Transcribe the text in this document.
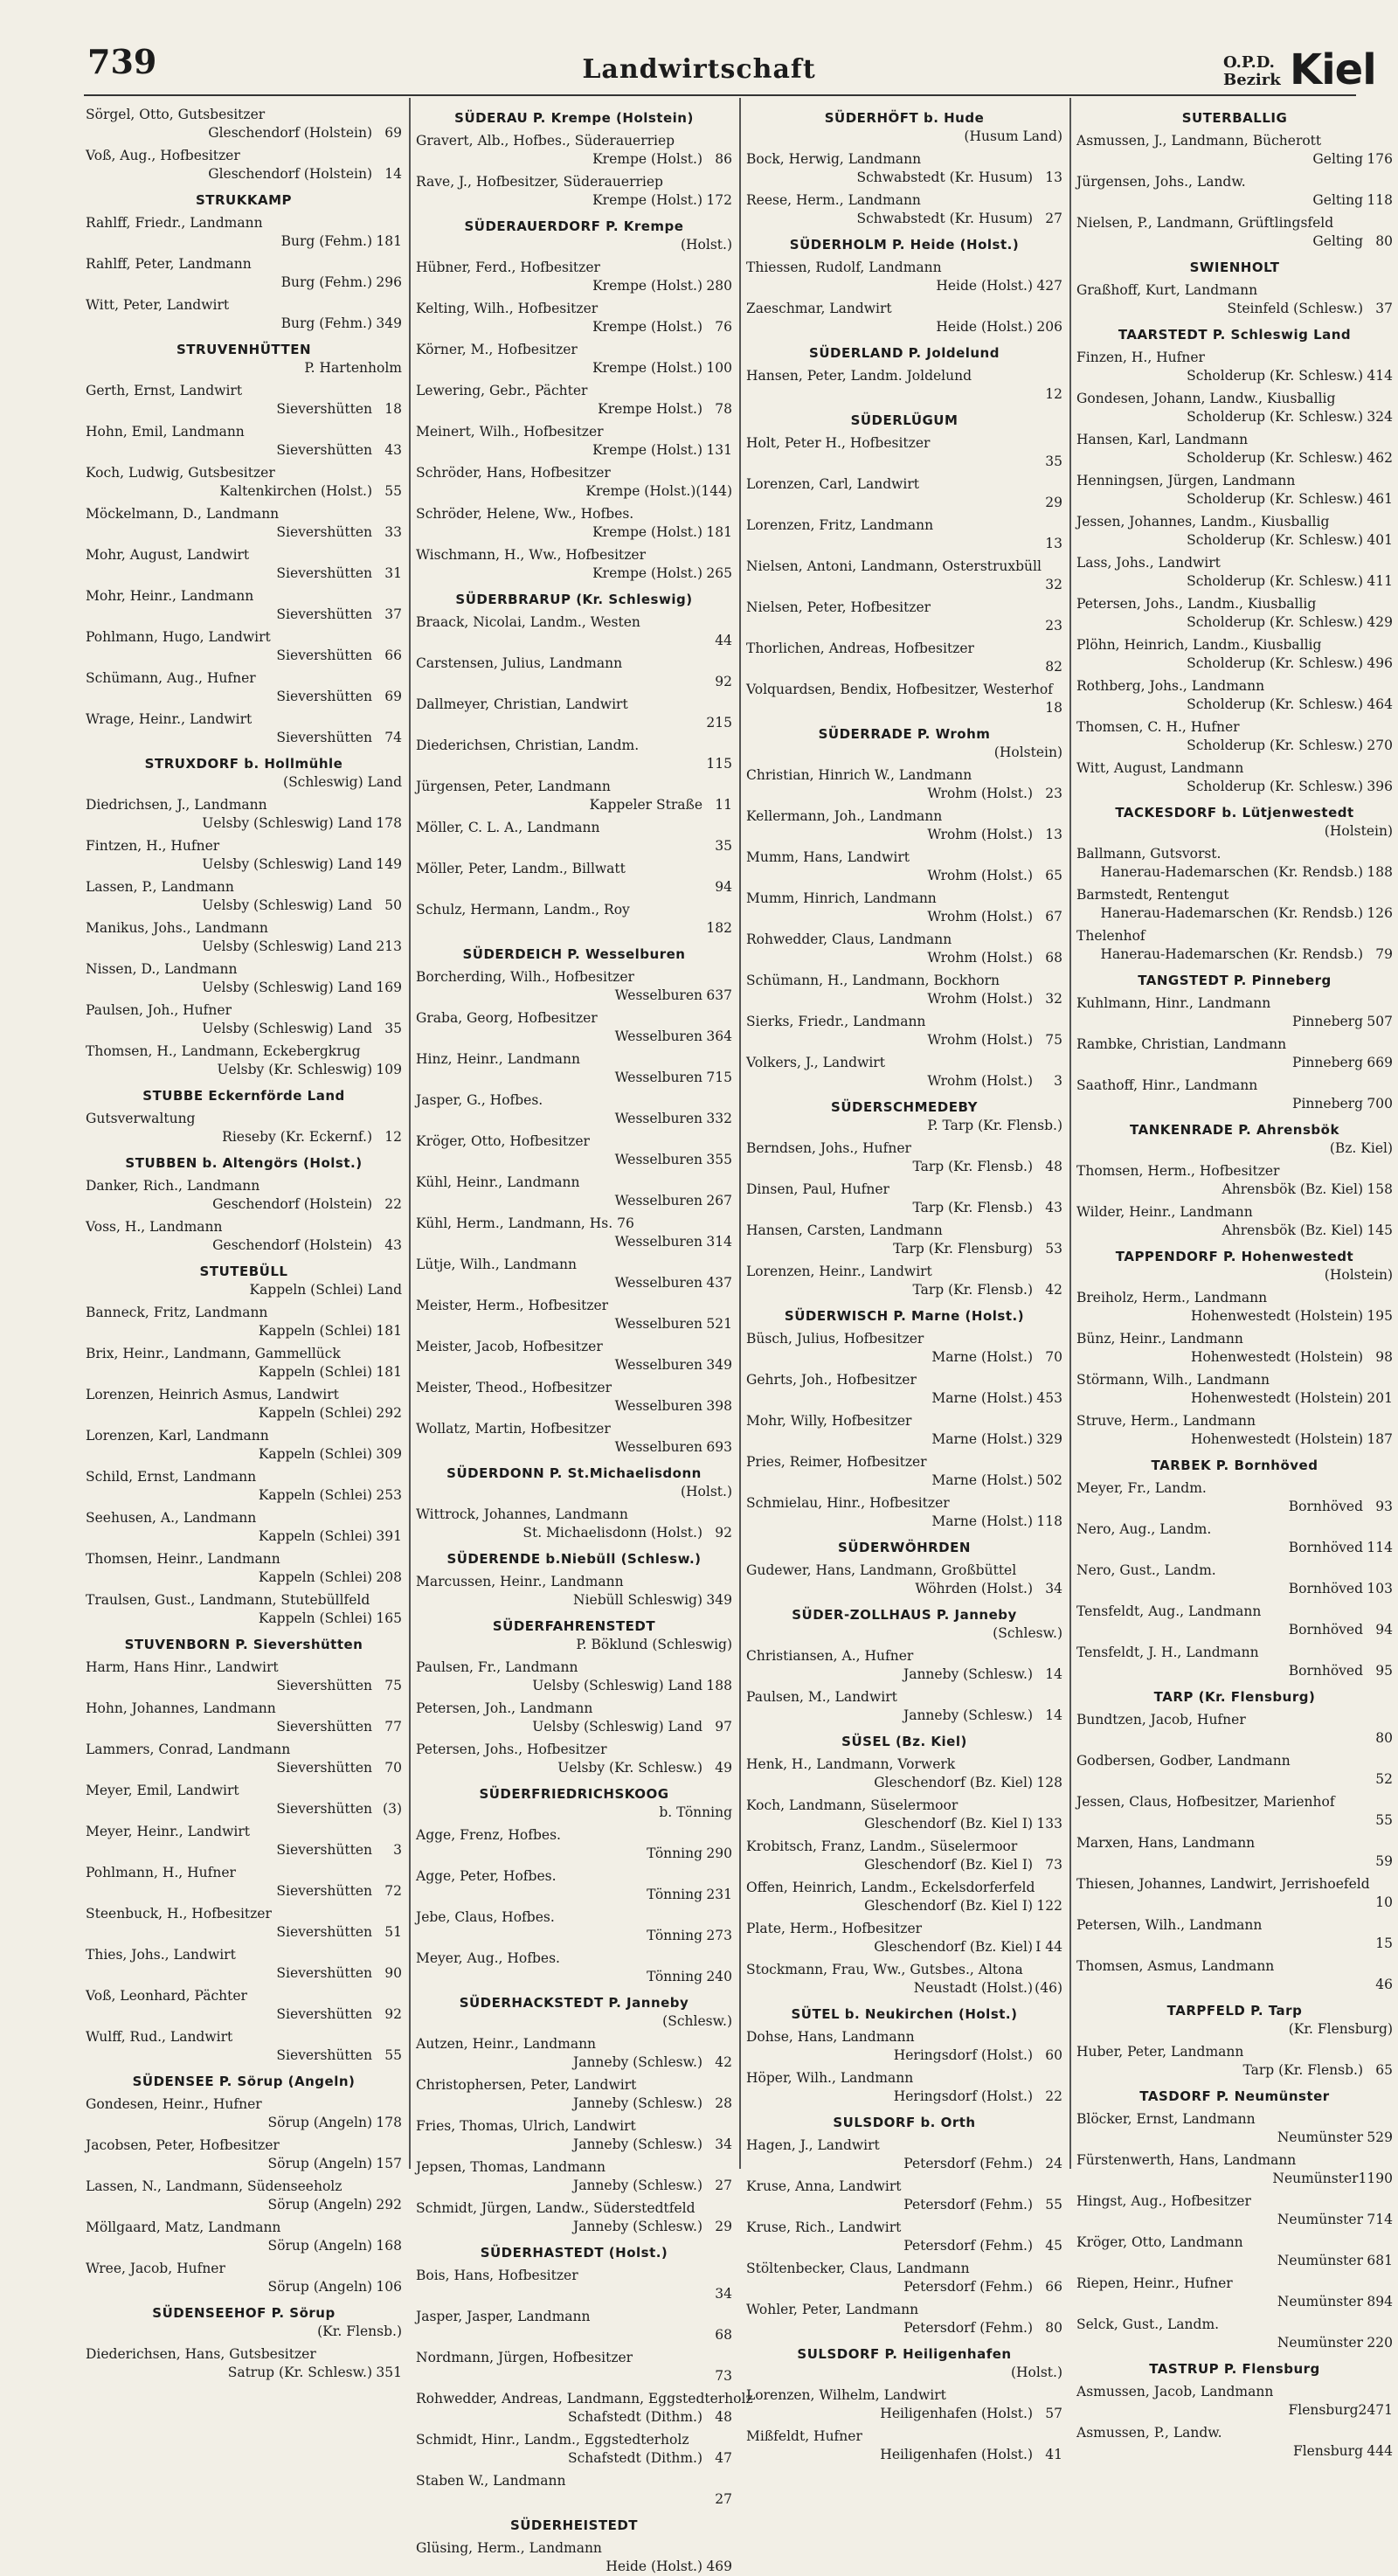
739	Landwirtschaft	O.P.D.
Bezirk Kiel
Sörgel, Otto, Gutsbesitzer
Gleschendorf (Holstein) 69
Voß, Aug., Hofbesitzer
Gleschendorf (Holstein) 14
STRUKKAMP
Rahlff, Friedr., Landmann
Burg (Fehm.) 181
Rahlff, Peter, Landmann
Burg (Fehm.) 296
Witt, Peter, Landwirt
Burg (Fehm.) 349
STRUVENHÜTTEN
P. Hartenholm
Gerth, Ernst, Landwirt
Sievershütten 18
Hohn, Emil, Landmann
Sievershütten 43
Koch, Ludwig, Gutsbesitzer
Kaltenkirchen (Holst.) 55
Möckelmann, D., Landmann
Sievershütten 33
Mohr, August, Landwirt
Sievershütten 31
Mohr, Heinr., Landmann
Sievershütten 37
Pohlmann, Hugo, Landwirt
Sievershütten 66
Schümann, Aug., Hufner
Sievershütten 69
Wrage, Heinr., Landwirt
Sievershütten 74
STRUXDORF b. Hollmühle
(Schleswig) Land
Diedrichsen, J., Landmann
Uelsby (Schleswig) Land 178
Fintzen, H., Hufner
Uelsby (Schleswig) Land 149
Lassen, P., Landmann
Uelsby (Schleswig) Land 50
Manikus, Johs., Landmann
Uelsby (Schleswig) Land 213
Nissen, D., Landmann
Uelsby (Schleswig) Land 169
Paulsen, Joh., Hufner
Uelsby (Schleswig) Land 35
Thomsen, H., Landmann, Eckebergkrug
Uelsby (Kr. Schleswig) 109
STUBBE Eckernförde Land
Gutsverwaltung
Rieseby (Kr. Eckernf.) 12
STUBBEN b. Altengörs (Holst.)
Danker, Rich., Landmann
Geschendorf (Holstein) 22
Voss, H., Landmann
Geschendorf (Holstein) 43
STUTEBÜLL
Kappeln (Schlei) Land
Banneck, Fritz, Landmann
Kappeln (Schlei) 181
Brix, Heinr., Landmann, Gammellück
Kappeln (Schlei) 181
Lorenzen, Heinrich Asmus, Landwirt
Kappeln (Schlei) 292
Lorenzen, Karl, Landmann
Kappeln (Schlei) 309
Schild, Ernst, Landmann
Kappeln (Schlei) 253
Seehusen, A., Landmann
Kappeln (Schlei) 391
Thomsen, Heinr., Landmann
Kappeln (Schlei) 208
Traulsen, Gust., Landmann, Stutebüllfeld
Kappeln (Schlei) 165
STUVENBORN P. Sievershütten
Harm, Hans Hinr., Landwirt
Sievershütten 75
Hohn, Johannes, Landmann
Sievershütten 77
Lammers, Conrad, Landmann
Sievershütten 70
Meyer, Emil, Landwirt
Sievershütten (3)
Meyer, Heinr., Landwirt
Sievershütten	3
Pohlmann, H., Hufner
Sievershütten 72
Steenbuck, H., Hofbesitzer
Sievershütten 51
Thies, Johs., Landwirt
Sievershütten 90
Voß, Leonhard, Pächter
Sievershütten 92
Wulff, Rud., Landwirt
Sievershütten 55
SÜDENSEE P. Sörup (Angeln)
Gondesen, Heinr., Hufner
Sörup (Angeln) 178
Jacobsen, Peter, Hofbesitzer
Sörup (Angeln) 157
Lassen, N., Landmann, Südenseeholz
Sörup (Angeln) 292
Möllgaard, Matz, Landmann
Sörup (Angeln) 168
Wree, Jacob, Hufner
Sörup (Angeln) 106
SÜDENSEEHOF P. Sörup
(Kr. Flensb.)
Diederichsen, Hans, Gutsbesitzer
Satrup (Kr. Schlesw.) 351
SÜDERAU P. Krempe (Holstein)
Gravert, Alb., Hofbes., Süderauerriep
Krempe (Holst.) 86
Rave, J., Hofbesitzer, Süderauerriep
Krempe (Holst.) 172
SÜDERAUERDORF P. Krempe
(Holst.)
Hübner, Ferd., Hofbesitzer
Krempe (Holst.) 280
Kelting, Wilh., Hofbesitzer
Krempe (Holst.) 76
Körner, M., Hofbesitzer
Krempe (Holst.) 100
Lewering, Gebr., Pächter
Krempe Holst.) 78
Meinert, Wilh., Hofbesitzer
Krempe (Holst.) 131
Schröder, Hans, Hofbesitzer
Krempe (Holst.) (144)
Schröder, Helene, Ww., Hofbes.
Krempe (Holst.) 181
Wischmann, H., Ww., Hofbesitzer
Krempe (Holst.) 265
SÜDERBRARUP (Kr. Schleswig)
Braack, Nicolai, Landm., Westen
44
Carstensen, Julius, Landmann
92
Dallmeyer, Christian, Landwirt
215
Diederichsen, Christian, Landm.
115
Jürgensen, Peter, Landmann
Kappeler Straße 11
Möller, C. L. A., Landmann
35
Möller, Peter, Landm., Billwatt
94
Schulz, Hermann, Landm., Roy
182
SÜDERDEICH P. Wesselburen
Borcherding, Wilh., Hofbesitzer
Wesselburen 637
Graba, Georg, Hofbesitzer
Wesselburen 364
Hinz, Heinr., Landmann
Wesselburen 715
Jasper, G., Hofbes.
Wesselburen 332
Kröger, Otto, Hofbesitzer
Wesselburen 355
Kühl, Heinr., Landmann
Wesselburen 267
Kühl, Herm., Landmann, Hs. 76
Wesselburen 314
Lütje, Wilh., Landmann
Wesselburen 437
Meister, Herm., Hofbesitzer
Wesselburen 521
Meister, Jacob, Hofbesitzer
Wesselburen 349
Meister, Theod., Hofbesitzer
Wesselburen 398
Wollatz, Martin, Hofbesitzer
Wesselburen 693
SÜDERDONN P. St.Michaelisdonn
(Holst.)
Wittrock, Johannes, Landmann
St. Michaelisdonn (Holst.) 92
SÜDERENDE b.Niebüll (Schlesw.)
Marcussen, Heinr., Landmann
Niebüll Schleswig) 349
SÜDERFAHRENSTEDT
P. Böklund (Schleswig)
Paulsen, Fr., Landmann
Uelsby (Schleswig) Land 188
Petersen, Joh., Landmann
Uelsby (Schleswig) Land 97
Petersen, Johs., Hofbesitzer
Uelsby (Kr. Schlesw.) 49
SÜDERFRIEDRICHSKOOG
b. Tönning
Agge, Frenz, Hofbes.
Tönning 290
Agge, Peter, Hofbes.
Tönning 231
Jebe, Claus, Hofbes.
Tönning 273
Meyer, Aug., Hofbes.
Tönning 240
SÜDERHACKSTEDT P. Janneby
(Schlesw.)
Autzen, Heinr., Landmann
Janneby (Schlesw.) 42
Christophersen, Peter, Landwirt
Janneby (Schlesw.) 28
Fries, Thomas, Ulrich, Landwirt
Janneby (Schlesw.) 34
Jepsen, Thomas, Landmann
Janneby (Schlesw.) 27
Schmidt, Jürgen, Landw., Süderstedtfeld
Janneby (Schlesw.) 29
SÜDERHASTEDT (Holst.)
Bois, Hans, Hofbesitzer
34
Jasper, Jasper, Landmann
68
Nordmann, Jürgen, Hofbesitzer
73
Rohwedder, Andreas, Landmann, Eggstedterholz
Schafstedt (Dithm.) 48
Schmidt, Hinr., Landm., Eggstedterholz
Schafstedt (Dithm.) 47
Staben W., Landmann
27
SÜDERHEISTEDT
Glüsing, Herm., Landmann
Heide (Holst.) 469
SÜDERHÖFT b. Hude
(Husum Land)
Bock, Herwig, Landmann
Schwabstedt (Kr. Husum) 13
Reese, Herm., Landmann
Schwabstedt (Kr. Husum) 27
SÜDERHOLM P. Heide (Holst.)
Thiessen, Rudolf, Landmann
Heide (Holst.) 427
Zaeschmar, Landwirt
Heide (Holst.) 206
SÜDERLAND P. Joldelund
Hansen, Peter, Landm. Joldelund
12
SÜDERLÜGUM
Holt, Peter H., Hofbesitzer
35
Lorenzen, Carl, Landwirt
29
Lorenzen, Fritz, Landmann
13
Nielsen, Antoni, Landmann, Osterstruxbüll
32
Nielsen, Peter, Hofbesitzer
23
Thorlichen, Andreas, Hofbesitzer
82
Volquardsen, Bendix, Hofbesitzer, Westerhof
18
SÜDERRADE P. Wrohm
(Holstein)
Christian, Hinrich W., Landmann
Wrohm (Holst.) 23
Kellermann, Joh., Landmann
Wrohm (Holst.) 13
Mumm, Hans, Landwirt
Wrohm (Holst.) 65
Mumm, Hinrich, Landmann
Wrohm (Holst.) 67
Rohwedder, Claus, Landmann
Wrohm (Holst.) 68
Schümann, H., Landmann, Bockhorn
Wrohm (Holst.) 32
Sierks, Friedr., Landmann
Wrohm (Holst.) 75
Volkers, J., Landwirt
Wrohm (Holst.)	3
SÜDERSCHMEDEBY
P. Tarp (Kr. Flensb.)
Berndsen, Johs., Hufner
Tarp (Kr. Flensb.) 48
Dinsen, Paul, Hufner
Tarp (Kr. Flensb.) 43
Hansen, Carsten, Landmann
Tarp (Kr. Flensburg) 53
Lorenzen, Heinr., Landwirt
Tarp (Kr. Flensb.) 42
SÜDERWISCH P. Marne (Holst.)
Büsch, Julius, Hofbesitzer
Marne (Holst.) 70
Gehrts, Joh., Hofbesitzer
Marne (Holst.) 453
Mohr, Willy, Hofbesitzer
Marne (Holst.) 329
Pries, Reimer, Hofbesitzer
Marne (Holst.) 502
Schmielau, Hinr., Hofbesitzer
Marne (Holst.) 118
SÜDERWÖHRDEN
Gudewer, Hans, Landmann, Großbüttel
Wöhrden (Holst.) 34
SÜDER-ZOLLHAUS P. Janneby
(Schlesw.)
Christiansen, A., Hufner
Janneby (Schlesw.) 14
Paulsen, M., Landwirt
Janneby (Schlesw.) 14
SÜSEL (Bz. Kiel)
Henk, H., Landmann, Vorwerk
Gleschendorf (Bz. Kiel) 128
Koch, Landmann, Süselermoor
Gleschendorf (Bz. Kiel I) 133
Krobitsch, Franz, Landm., Süselermoor
Gleschendorf (Bz. Kiel I) 73
Offen, Heinrich, Landm., Eckelsdorferfeld
Gleschendorf (Bz. Kiel I) 122
Plate, Herm., Hofbesitzer
Gleschendorf (Bz. Kiel) I 44
Stockmann, Frau, Ww., Gutsbes., Altona
Neustadt (Holst.) (46)
SÜTEL b. Neukirchen (Holst.)
Dohse, Hans, Landmann
Heringsdorf (Holst.) 60
Höper, Wilh., Landmann
Heringsdorf (Holst.) 22
SULSDORF b. Orth
Hagen, J., Landwirt
Petersdorf (Fehm.) 24
Kruse, Anna, Landwirt
Petersdorf (Fehm.) 55
Kruse, Rich., Landwirt
Petersdorf (Fehm.) 45
Stöltenbecker, Claus, Landmann
Petersdorf (Fehm.) 66
Wohler, Peter, Landmann
Petersdorf (Fehm.) 80
SULSDORF P. Heiligenhafen
(Holst.)
Lorenzen, Wilhelm, Landwirt
Heiligenhafen (Holst.) 57
Mißfeldt, Hufner
Heiligenhafen (Holst.) 41
SUTERBALLIG
Asmussen, J., Landmann, Bücherott
Gelting 176
Jürgensen, Johs., Landw.
Gelting 118
Nielsen, P., Landmann, Grüftlingsfeld
Gelting 80
SWIENHOLT
Graßhoff, Kurt, Landmann
Steinfeld (Schlesw.) 37
TAARSTEDT P. Schleswig Land
Finzen, H., Hufner
Scholderup (Kr. Schlesw.) 414
Gondesen, Johann, Landw., Kiusballig
Scholderup (Kr. Schlesw.) 324
Hansen, Karl, Landmann
Scholderup (Kr. Schlesw.) 462
Henningsen, Jürgen, Landmann
Scholderup (Kr. Schlesw.) 461
Jessen, Johannes, Landm., Kiusballig
Scholderup (Kr. Schlesw.) 401
Lass, Johs., Landwirt
Scholderup (Kr. Schlesw.) 411
Petersen, Johs., Landm., Kiusballig
Scholderup (Kr. Schlesw.) 429
Plöhn, Heinrich, Landm., Kiusballig
Scholderup (Kr. Schlesw.) 496
Rothberg, Johs., Landmann
Scholderup (Kr. Schlesw.) 464
Thomsen, C. H., Hufner
Scholderup (Kr. Schlesw.) 270
Witt, August, Landmann
Scholderup (Kr. Schlesw.) 396
TACKESDORF b. Lütjenwestedt
(Holstein)
Ballmann, Gutsvorst.
Hanerau-Hademarschen (Kr. Rendsb.) 188
Barmstedt, Rentengut
Hanerau-Hademarschen (Kr. Rendsb.) 126
Thelenhof
Hanerau-Hademarschen (Kr. Rendsb.) 79
TANGSTEDT P. Pinneberg
Kuhlmann, Hinr., Landmann
Pinneberg 507
Rambke, Christian, Landmann
Pinneberg 669
Saathoff, Hinr., Landmann
Pinneberg 700
TANKENRADE P. Ahrensbök
(Bz. Kiel)
Thomsen, Herm., Hofbesitzer
Ahrensbök (Bz. Kiel) 158
Wilder, Heinr., Landmann
Ahrensbök (Bz. Kiel) 145
TAPPENDORF P. Hohenwestedt
(Holstein)
Breiholz, Herm., Landmann
Hohenwestedt (Holstein) 195
Bünz, Heinr., Landmann
Hohenwestedt (Holstein) 98
Störmann, Wilh., Landmann
Hohenwestedt (Holstein) 201
Struve, Herm., Landmann
Hohenwestedt (Holstein) 187
TARBEK P. Bornhöved
Meyer, Fr., Landm.
Bornhöved 93
Nero, Aug., Landm.
Bornhöved 114
Nero, Gust., Landm.
Bornhöved 103
Tensfeldt, Aug., Landmann
Bornhöved 94
Tensfeldt, J. H., Landmann
Bornhöved 95
TARP (Kr. Flensburg)
Bundtzen, Jacob, Hufner
80
Godbersen, Godber, Landmann
52
Jessen, Claus, Hofbesitzer, Marienhof
55
Marxen, Hans, Landmann
59
Thiesen, Johannes, Landwirt, Jerrishoefeld
10
Petersen, Wilh., Landmann
15
Thomsen, Asmus, Landmann
46
TARPFELD P. Tarp
(Kr. Flensburg)
Huber, Peter, Landmann
Tarp (Kr. Flensb.) 65
TASDORF P. Neumünster
Blöcker, Ernst, Landmann
Neumünster 529
Fürstenwerth, Hans, Landmann
Neumünster 1190
Hingst, Aug., Hofbesitzer
Neumünster 714
Kröger, Otto, Landmann
Neumünster 681
Riepen, Heinr., Hufner
Neumünster 894
Selck, Gust., Landm.
Neumünster 220
TASTRUP P. Flensburg
Asmussen, Jacob, Landmann
Flensburg 2471
Asmussen, P., Landw.
Flensburg 444
